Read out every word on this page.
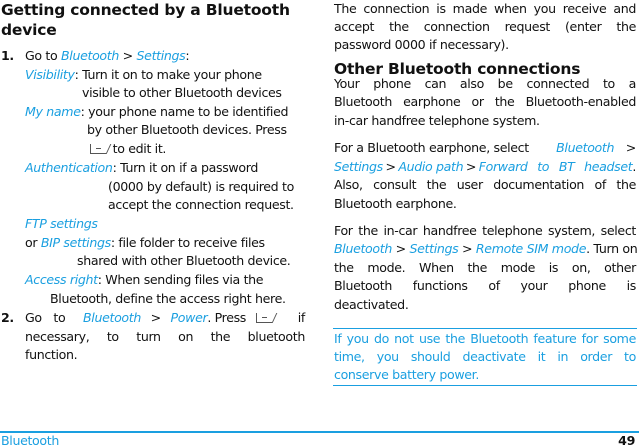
Getting connected by a Bluetooth
device
1. Go to Bluetooth > Settings:
Visibility: Turn it on to make your phone
visible to other Bluetooth devices
My name: your phone name to be identified
by other Bluetooth devices. Press
to edit it.
Authentication: Turn it on if a password
(0000 by default) is required to
accept the connection request.
FTP settings
or BIP settings: file folder to receive files
shared with other Bluetooth device.
Access right: When sending files via the
Bluetooth, define the access right here.
2. Go to Bluetooth > Power. Press	if
necessary, to turn on the bluetooth
function.
The connection is made when you receive and
accept the connection request (enter the
password 0000 if necessary).
Other Bluetooth connections
Your phone can also be connected to a
Bluetooth earphone or the Bluetooth-enabled
in-car handfree telephone system.
For a Bluetooth earphone, select Bluetooth >
Settings > Audio path > Forward to BT headset.
Also, consult the user documentation of the
Bluetooth earphone.
For the in-car handfree telephone system, select
Bluetooth > Settings > Remote SIM mode. Turn on
the mode. When the mode is on, other
Bluetooth functions of your phone is
deactivated.
If you do not use the Bluetooth feature for some
time, you should deactivate it in order to
conserve battery power.
Bluetooth	49
